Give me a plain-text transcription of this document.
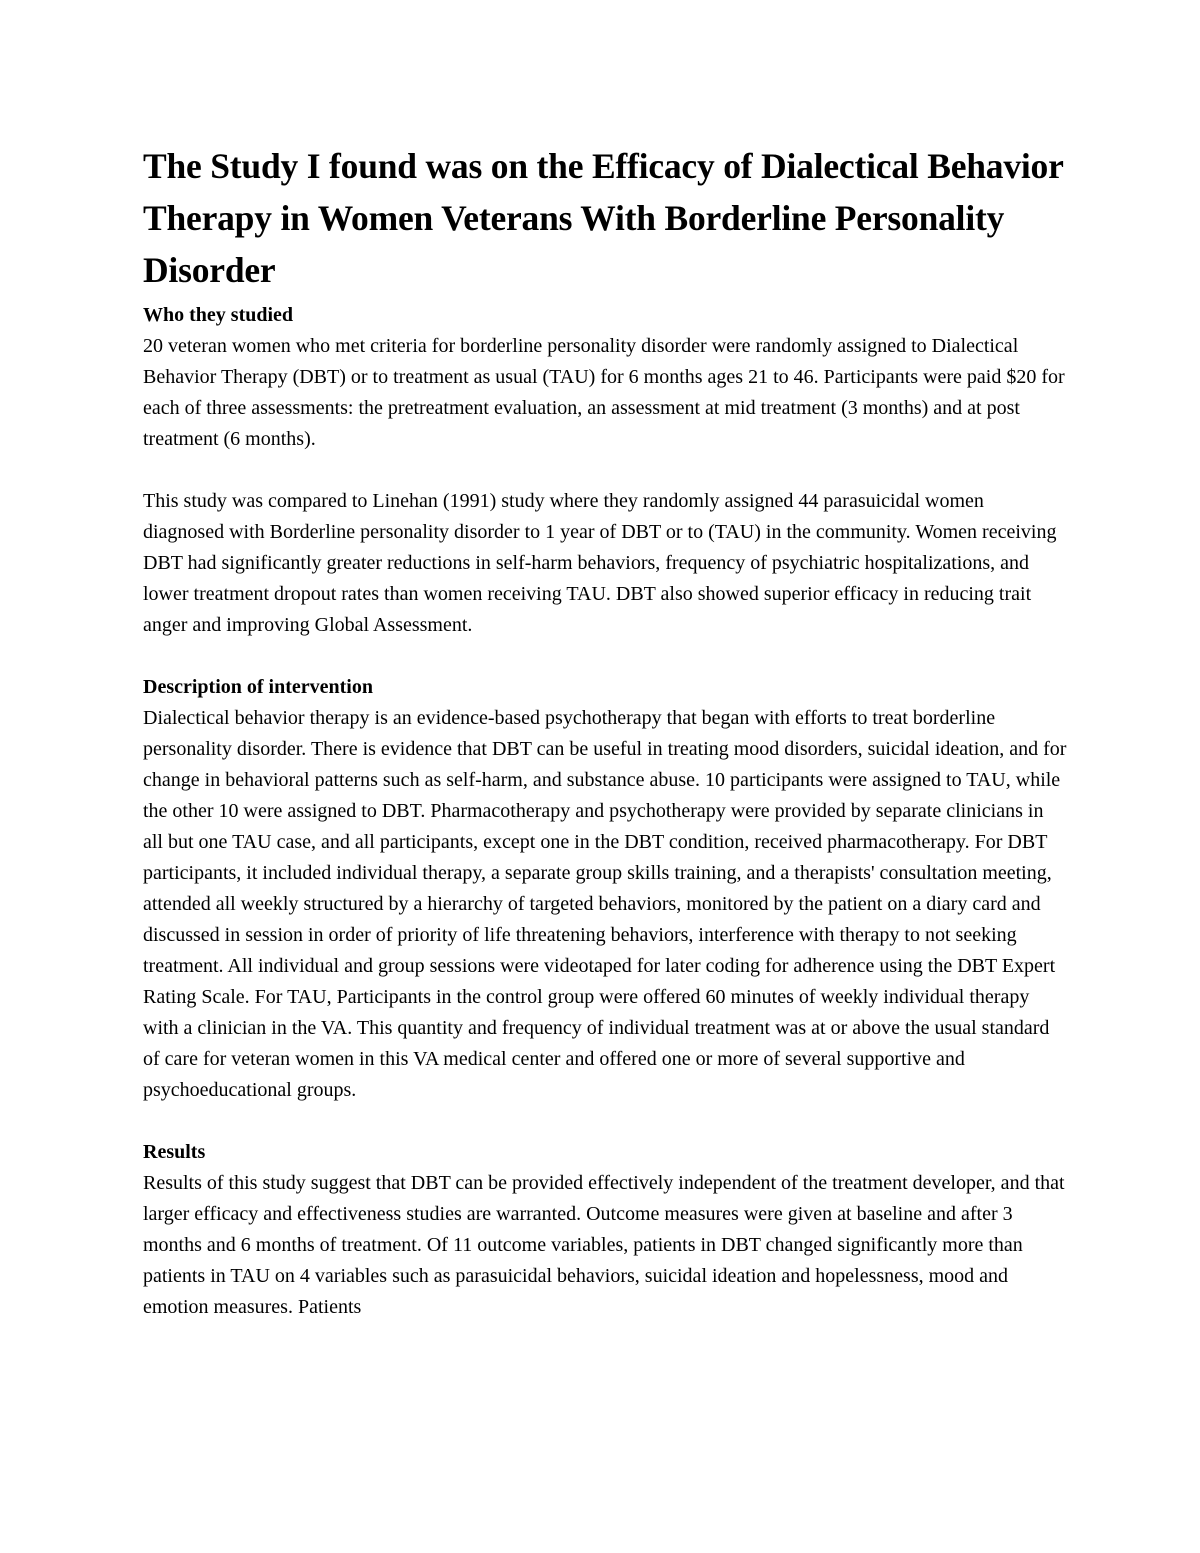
The Study I found was on the Efficacy of Dialectical Behavior Therapy in Women Veterans With Borderline Personality Disorder

Who they studied

20 veteran women who met criteria for borderline personality disorder were randomly assigned to Dialectical Behavior Therapy (DBT) or to treatment as usual (TAU) for 6 months ages 21 to 46. Participants were paid $20 for each of three assessments: the pretreatment evaluation, an assessment at mid treatment (3 months) and at post treatment (6 months).

This study was compared to Linehan (1991) study where they randomly assigned 44 parasuicidal women diagnosed with Borderline personality disorder to 1 year of DBT or to (TAU) in the community. Women receiving DBT had significantly greater reductions in self-harm behaviors, frequency of psychiatric hospitalizations, and lower treatment dropout rates than women receiving TAU. DBT also showed superior efficacy in reducing trait anger and improving Global Assessment.

Description of intervention

Dialectical behavior therapy is an evidence-based psychotherapy that began with efforts to treat borderline personality disorder. There is evidence that DBT can be useful in treating mood disorders, suicidal ideation, and for change in behavioral patterns such as self-harm, and substance abuse. 10 participants were assigned to TAU, while the other 10 were assigned to DBT. Pharmacotherapy and psychotherapy were provided by separate clinicians in all but one TAU case, and all participants, except one in the DBT condition, received pharmacotherapy. For DBT participants, it included individual therapy, a separate group skills training, and a therapists' consultation meeting, attended all weekly structured by a hierarchy of targeted behaviors, monitored by the patient on a diary card and discussed in session in order of priority of life threatening behaviors, interference with therapy to not seeking treatment. All individual and group sessions were videotaped for later coding for adherence using the DBT Expert Rating Scale. For TAU, Participants in the control group were offered 60 minutes of weekly individual therapy with a clinician in the VA. This quantity and frequency of individual treatment was at or above the usual standard of care for veteran women in this VA medical center and offered one or more of several supportive and psychoeducational groups.

Results

Results of this study suggest that DBT can be provided effectively independent of the treatment developer, and that larger efficacy and effectiveness studies are warranted. Outcome measures were given at baseline and after 3 months and 6 months of treatment. Of 11 outcome variables, patients in DBT changed significantly more than patients in TAU on 4 variables such as parasuicidal behaviors, suicidal ideation and hopelessness, mood and emotion measures. Patients
